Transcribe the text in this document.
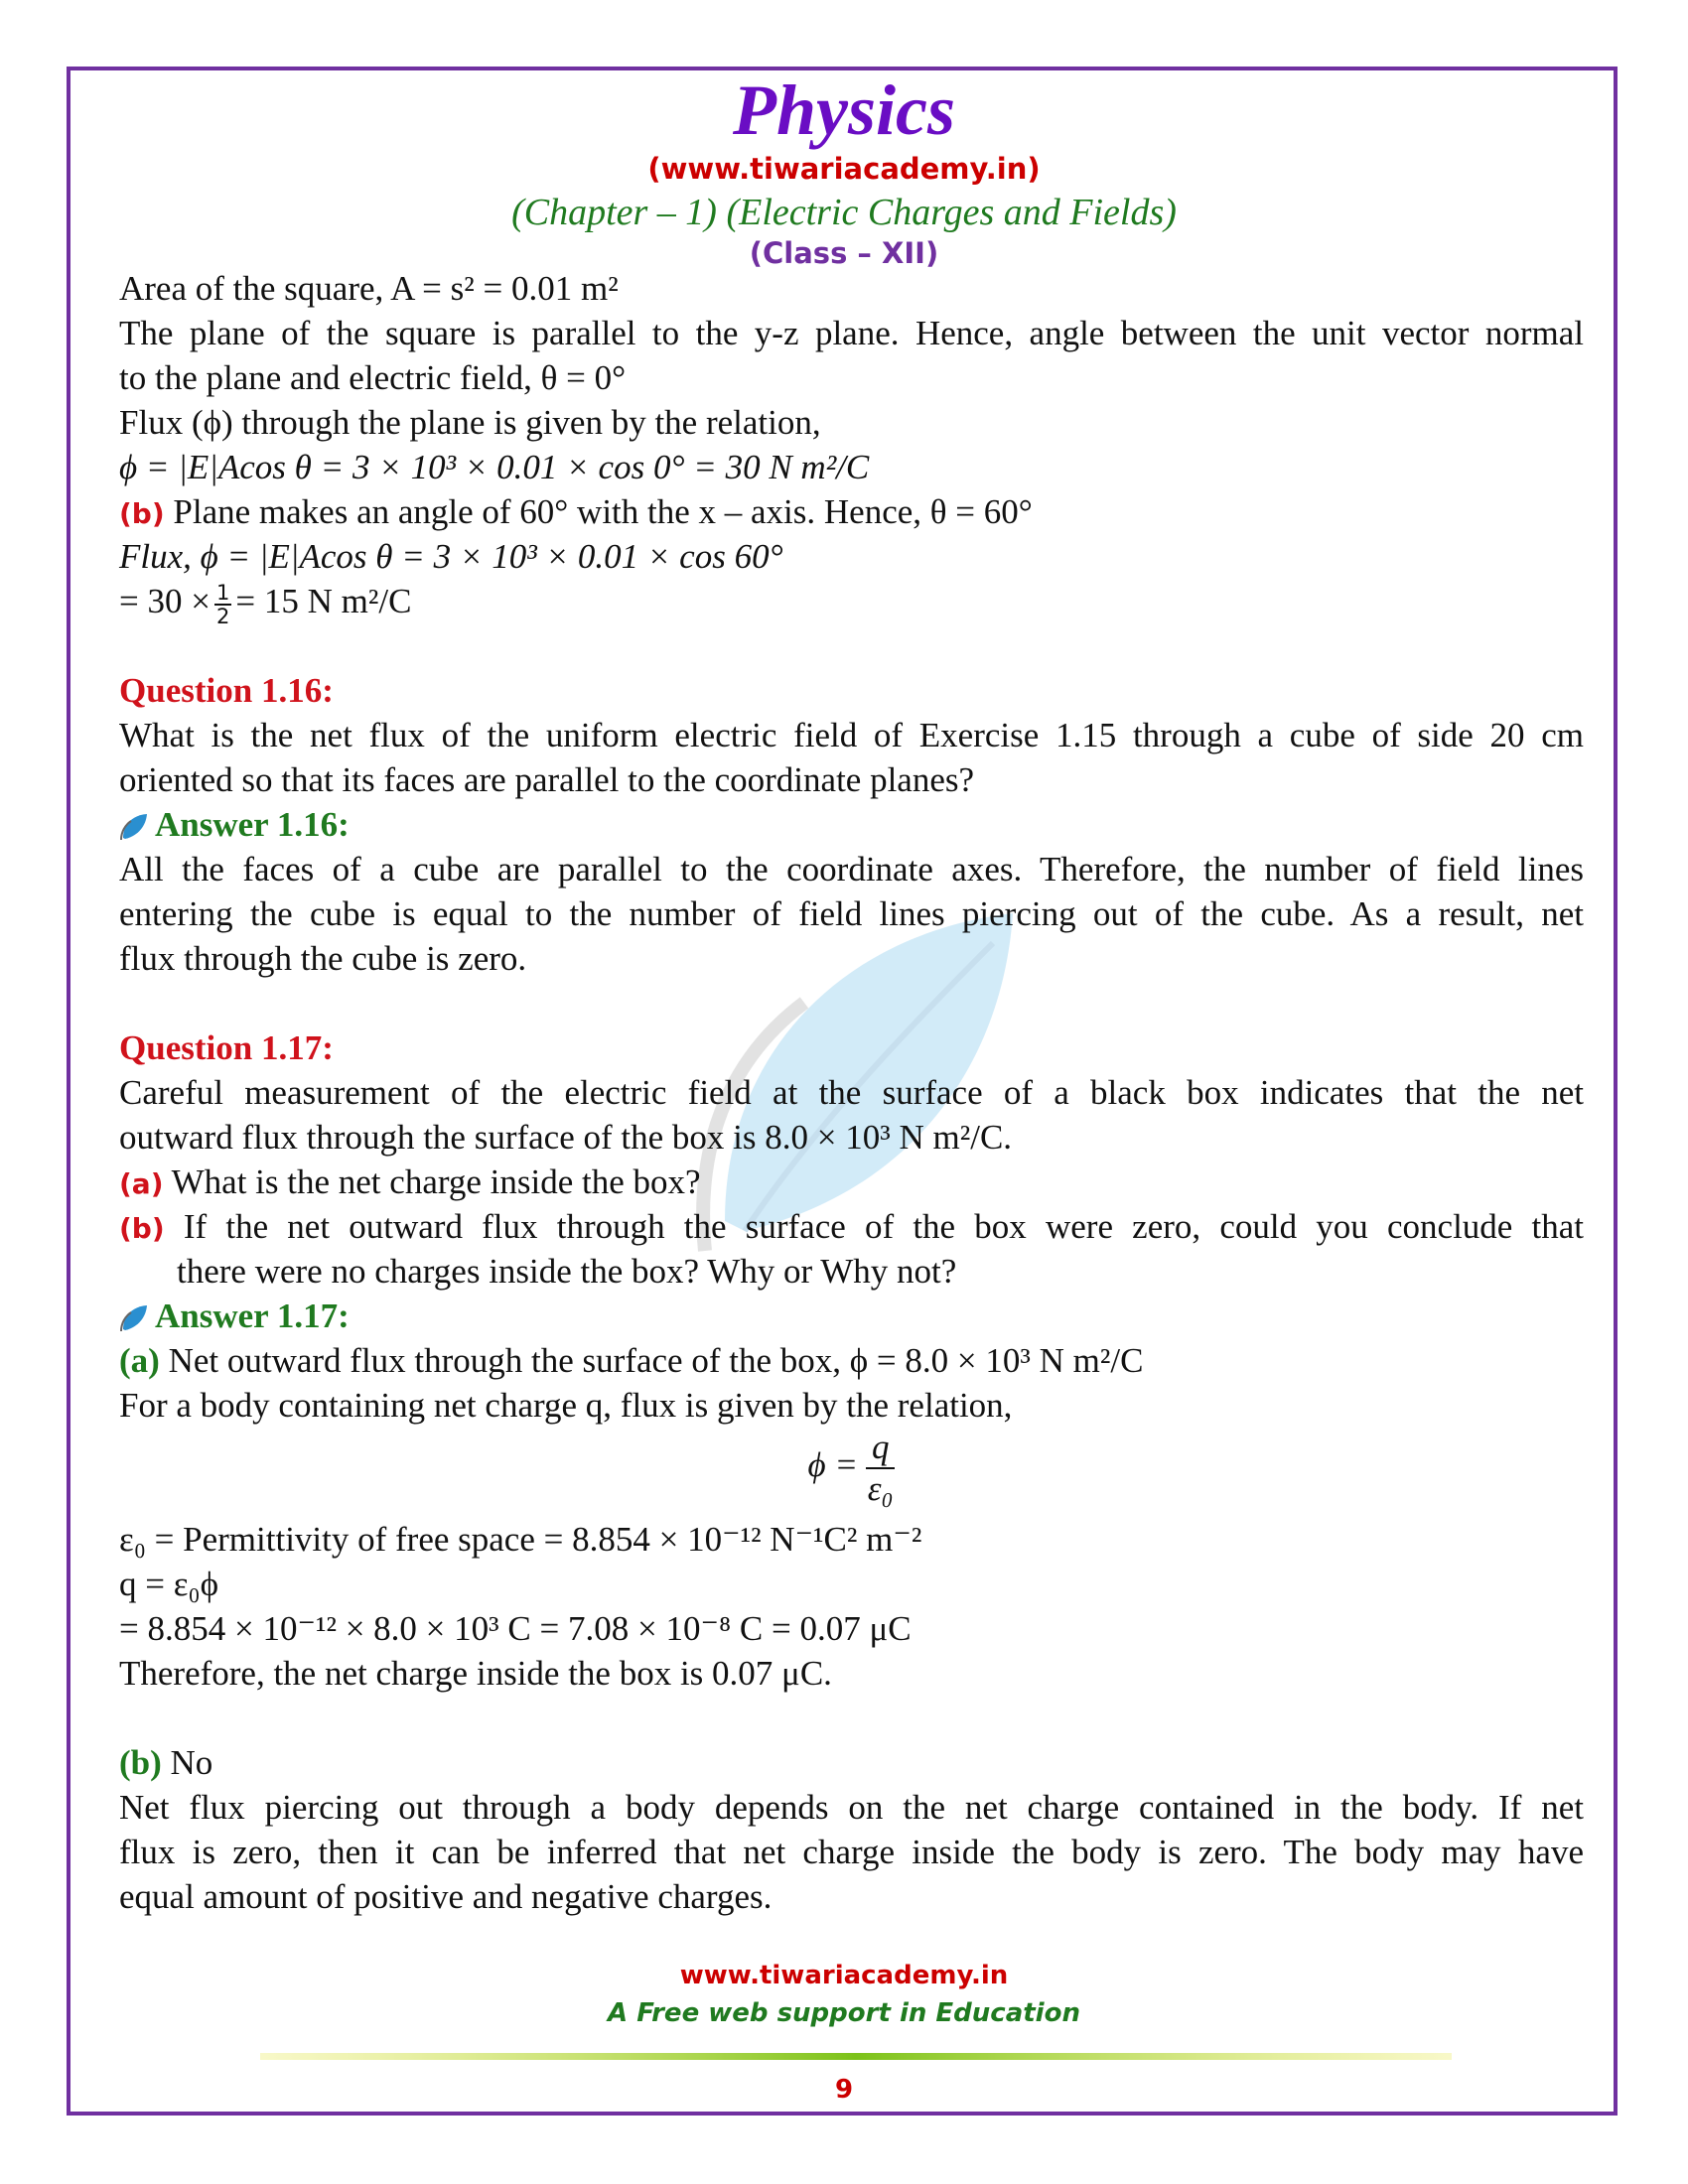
Physics
(www.tiwariacademy.in)
(Chapter – 1) (Electric Charges and Fields)
(Class – XII)
Area of the square, A = s² = 0.01 m²
The plane of the square is parallel to the y-z plane. Hence, angle between the unit vector normal
to the plane and electric field, θ = 0°
Flux (ϕ) through the plane is given by the relation,
ϕ = |E|Acos θ = 3 × 10³ × 0.01 × cos 0° = 30 N m²/C
(b) Plane makes an angle of 60° with the x – axis. Hence, θ = 60°
Flux, ϕ = |E|Acos θ = 3 × 10³ × 0.01 × cos 60°
= $30 \times \frac{1}{2} = 15$ N m²/C
Question 1.16:
What is the net flux of the uniform electric field of Exercise 1.15 through a cube of side 20 cm
oriented so that its faces are parallel to the coordinate planes?
Answer 1.16:
All the faces of a cube are parallel to the coordinate axes. Therefore, the number of field lines
entering the cube is equal to the number of field lines piercing out of the cube. As a result, net
flux through the cube is zero.
Question 1.17:
Careful measurement of the electric field at the surface of a black box indicates that the net
outward flux through the surface of the box is 8.0 × 10³ N m²/C.
(a) What is the net charge inside the box?
(b) If the net outward flux through the surface of the box were zero, could you conclude that
there were no charges inside the box? Why or Why not?
Answer 1.17:
(a) Net outward flux through the surface of the box, ϕ = 8.0 × 10³ N m²/C
For a body containing net charge q, flux is given by the relation,
$\phi = \frac{q}{\text{ε₀}}$
ε₀ = Permittivity of free space = 8.854 × 10⁻¹² N⁻¹C² m⁻²
q = ε₀ϕ
= 8.854 × 10⁻¹² × 8.0 × 10³ C = 7.08 × 10⁻⁸ C = 0.07 μC
Therefore, the net charge inside the box is 0.07 μC.
(b) No
Net flux piercing out through a body depends on the net charge contained in the body. If net
flux is zero, then it can be inferred that net charge inside the body is zero. The body may have
equal amount of positive and negative charges.
www.tiwariacademy.in
A Free web support in Education
9
